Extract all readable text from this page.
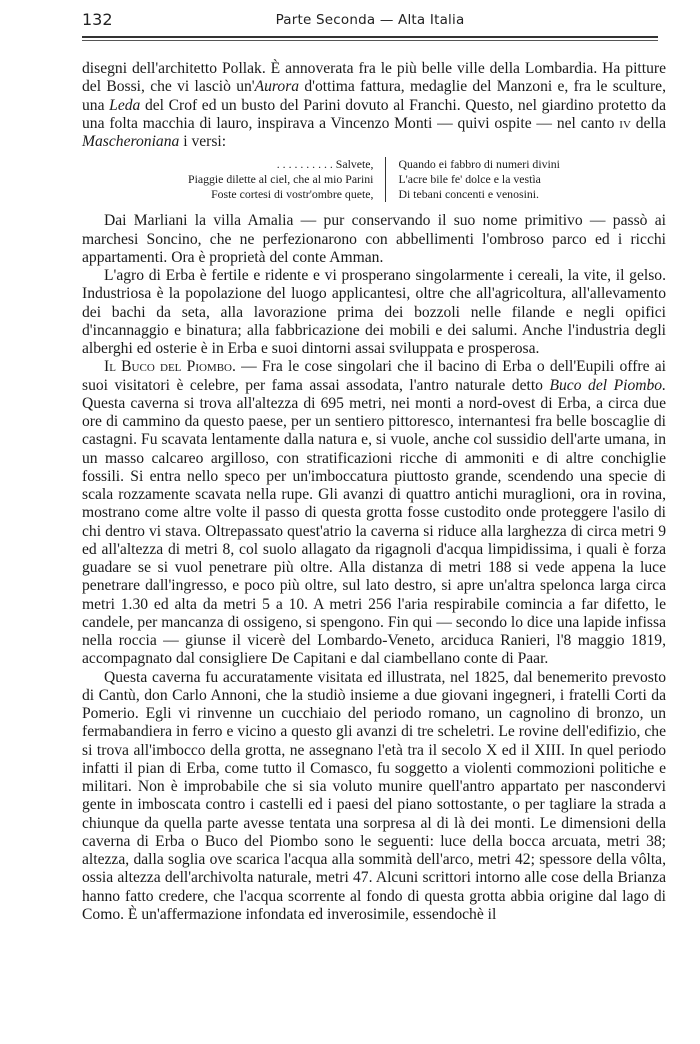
132	Parte Seconda — Alta Italia

disegni dell'architetto Pollak. È annoverata fra le più belle ville della Lombardia. Ha pitture del Bossi, che vi lasciò un'Aurora d'ottima fattura, medaglie del Manzoni e, fra le sculture, una Leda del Crof ed un busto del Parini dovuto al Franchi. Questo, nel giardino protetto da una folta macchia di lauro, inspirava a Vincenzo Monti — quivi ospite — nel canto iv della Mascheroniana i versi:

. . . . . . . . . . Salvete,
Piaggie dilette al ciel, che al mio Parini
Foste cortesi di vostr'ombre quete,
Quando ei fabbro di numeri divini
L'acre bile fe' dolce e la vestìa
Di tebani concenti e venosini.

Dai Marliani la villa Amalia — pur conservando il suo nome primitivo — passò ai marchesi Soncino, che ne perfezionarono con abbellimenti l'ombroso parco ed i ricchi appartamenti. Ora è proprietà del conte Amman.

L'agro di Erba è fertile e ridente e vi prosperano singolarmente i cereali, la vite, il gelso. Industriosa è la popolazione del luogo applicantesi, oltre che all'agricoltura, all'allevamento dei bachi da seta, alla lavorazione prima dei bozzoli nelle filande e negli opifici d'incannaggio e binatura; alla fabbricazione dei mobili e dei salumi. Anche l'industria degli alberghi ed osterie è in Erba e suoi dintorni assai sviluppata e prosperosa.

Il Buco del Piombo. — Fra le cose singolari che il bacino di Erba o dell'Eupili offre ai suoi visitatori è celebre, per fama assai assodata, l'antro naturale detto Buco del Piombo. Questa caverna si trova all'altezza di 695 metri, nei monti a nord-ovest di Erba, a circa due ore di cammino da questo paese, per un sentiero pittoresco, internantesi fra belle boscaglie di castagni. Fu scavata lentamente dalla natura e, si vuole, anche col sussidio dell'arte umana, in un masso calcareo argilloso, con stratificazioni ricche di ammoniti e di altre conchiglie fossili. Si entra nello speco per un'imboccatura piuttosto grande, scendendo una specie di scala rozzamente scavata nella rupe. Gli avanzi di quattro antichi muraglioni, ora in rovina, mostrano come altre volte il passo di questa grotta fosse custodito onde proteggere l'asilo di chi dentro vi stava. Oltrepassato quest'atrio la caverna si riduce alla larghezza di circa metri 9 ed all'altezza di metri 8, col suolo allagato da rigagnoli d'acqua limpidissima, i quali è forza guadare se si vuol penetrare più oltre. Alla distanza di metri 188 si vede appena la luce penetrare dall'ingresso, e poco più oltre, sul lato destro, si apre un'altra spelonca larga circa metri 1.30 ed alta da metri 5 a 10. A metri 256 l'aria respirabile comincia a far difetto, le candele, per mancanza di ossigeno, si spengono. Fin qui — secondo lo dice una lapide infissa nella roccia — giunse il vicerè del Lombardo-Veneto, arciduca Ranieri, l'8 maggio 1819, accompagnato dal consigliere De Capitani e dal ciambellano conte di Paar.

Questa caverna fu accuratamente visitata ed illustrata, nel 1825, dal benemerito prevosto di Cantù, don Carlo Annoni, che la studiò insieme a due giovani ingegneri, i fratelli Corti da Pomerio. Egli vi rinvenne un cucchiaio del periodo romano, un cagnolino di bronzo, un fermabandiera in ferro e vicino a questo gli avanzi di tre scheletri. Le rovine dell'edifizio, che si trova all'imbocco della grotta, ne assegnano l'età tra il secolo X ed il XIII. In quel periodo infatti il pian di Erba, come tutto il Comasco, fu soggetto a violenti commozioni politiche e militari. Non è improbabile che si sia voluto munire quell'antro appartato per nascondervi gente in imboscata contro i castelli ed i paesi del piano sottostante, o per tagliare la strada a chiunque da quella parte avesse tentata una sorpresa al di là dei monti. Le dimensioni della caverna di Erba o Buco del Piombo sono le seguenti: luce della bocca arcuata, metri 38; altezza, dalla soglia ove scarica l'acqua alla sommità dell'arco, metri 42; spessore della vôlta, ossia altezza dell'archivolta naturale, metri 47. Alcuni scrittori intorno alle cose della Brianza hanno fatto credere, che l'acqua scorrente al fondo di questa grotta abbia origine dal lago di Como. È un'affermazione infondata ed inverosimile, essendochè il
